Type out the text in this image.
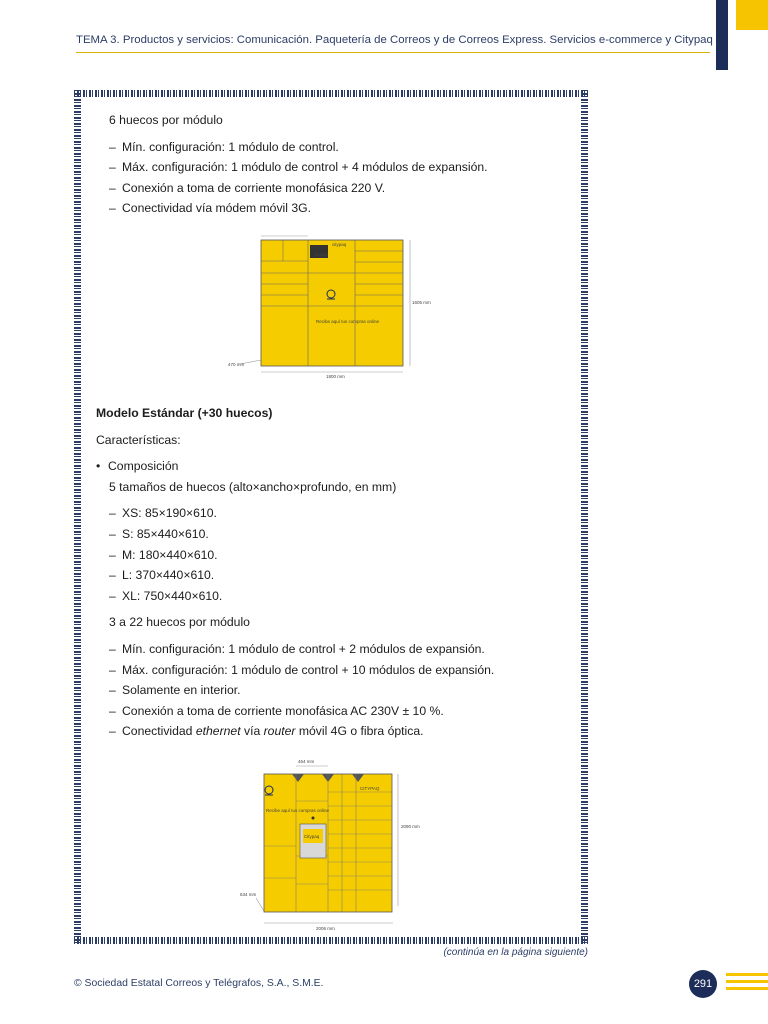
TEMA 3. Productos y servicios: Comunicación. Paquetería de Correos y de Correos Express. Servicios e-commerce y Citypaq
6 huecos por módulo
– Mín. configuración: 1 módulo de control.
– Máx. configuración: 1 módulo de control + 4 módulos de expansión.
– Conexión a toma de corriente monofásica 220 V.
– Conectividad vía módem móvil 3G.
citypaq
citypaq
Recibe aquí tus compras online
1605 mm
1800 mm
470 mm
Modelo Estándar (+30 huecos)
Características:
• Composición
5 tamaños de huecos (alto×ancho×profundo, en mm)
– XS: 85×190×610.
– S: 85×440×610.
– M: 180×440×610.
– L: 370×440×610.
– XL: 750×440×610.
3 a 22 huecos por módulo
– Mín. configuración: 1 módulo de control + 2 módulos de expansión.
– Máx. configuración: 1 módulo de control + 10 módulos de expansión.
– Solamente en interior.
– Conexión a toma de corriente monofásica AC 230V ± 10 %.
– Conectividad ethernet vía router móvil 4G o fibra óptica.
464 mm
2090 mm
634 mm
2006 mm
CITYPAQ
Recibe aquí tus compras online
Citypaq
(continúa en la página siguiente)
© Sociedad Estatal Correos y Telégrafos, S.A., S.M.E.	291
